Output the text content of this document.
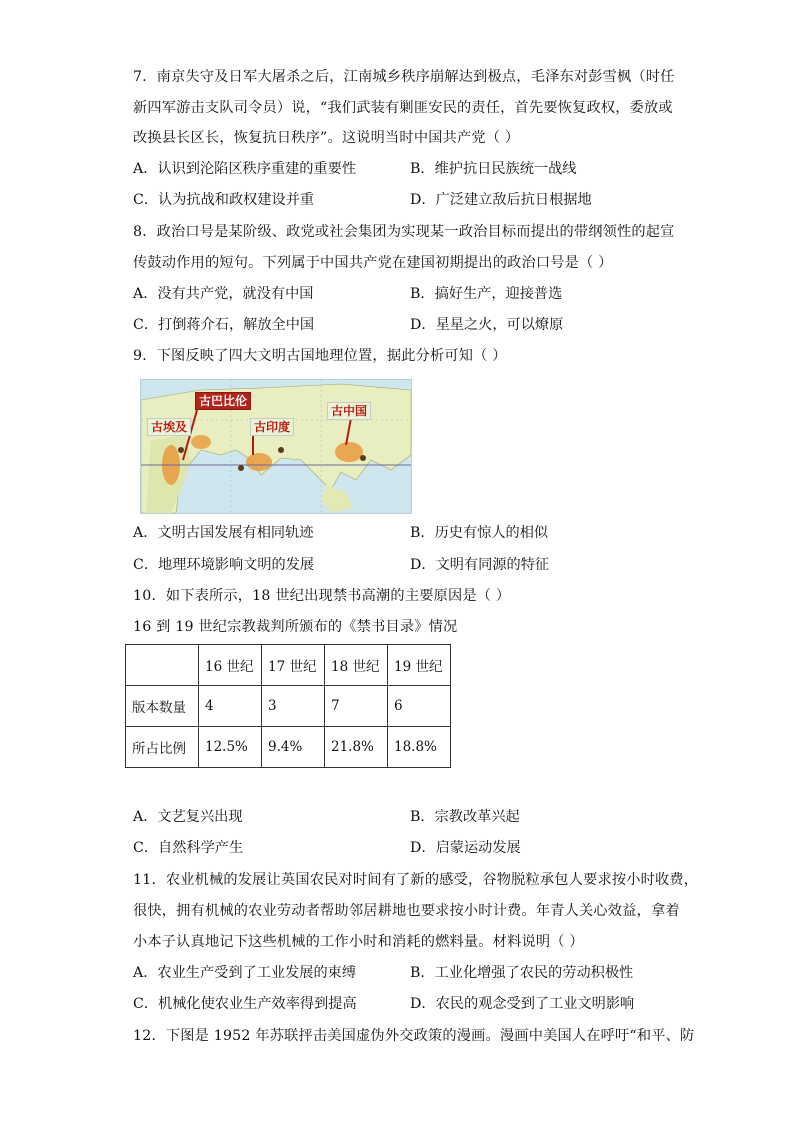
7．南京失守及日军大屠杀之后，江南城乡秩序崩解达到极点，毛泽东对彭雪枫（时任
新四军游击支队司令员）说，“我们武装有剿匪安民的责任，首先要恢复政权，委放或
改换县长区长，恢复抗日秩序”。这说明当时中国共产党（ ）
A．认识到沦陷区秩序重建的重要性	B．维护抗日民族统一战线
C．认为抗战和政权建设并重	D．广泛建立敌后抗日根据地
8．政治口号是某阶级、政党或社会集团为实现某一政治目标而提出的带纲领性的起宣
传鼓动作用的短句。下列属于中国共产党在建国初期提出的政治口号是（ ）
A．没有共产党，就没有中国	B．搞好生产，迎接普选
C．打倒蒋介石，解放全中国	D．星星之火，可以燎原
9．下图反映了四大文明古国地理位置，据此分析可知（ ）
古巴比伦
古埃及	古印度
古中国
A．文明古国发展有相同轨迹	B．历史有惊人的相似
C．地理环境影响文明的发展	D．文明有同源的特征
10．如下表所示，18 世纪出现禁书高潮的主要原因是（ ）
16 到 19 世纪宗教裁判所颁布的《禁书目录》情况
	16 世纪	17 世纪	18 世纪	19 世纪
版本数量	4	3	7	6
所占比例	12.5%	9.4%	21.8%	18.8%
A．文艺复兴出现	B．宗教改革兴起
C．自然科学产生	D．启蒙运动发展
11．农业机械的发展让英国农民对时间有了新的感受，谷物脱粒承包人要求按小时收费，
很快，拥有机械的农业劳动者帮助邻居耕地也要求按小时计费。年青人关心效益，拿着
小本子认真地记下这些机械的工作小时和消耗的燃料量。材料说明（ ）
A．农业生产受到了工业发展的束缚	B．工业化增强了农民的劳动积极性
C．机械化使农业生产效率得到提高	D．农民的观念受到了工业文明影响
12．下图是 1952 年苏联抨击美国虚伪外交政策的漫画。漫画中美国人在呼吁“和平、防
